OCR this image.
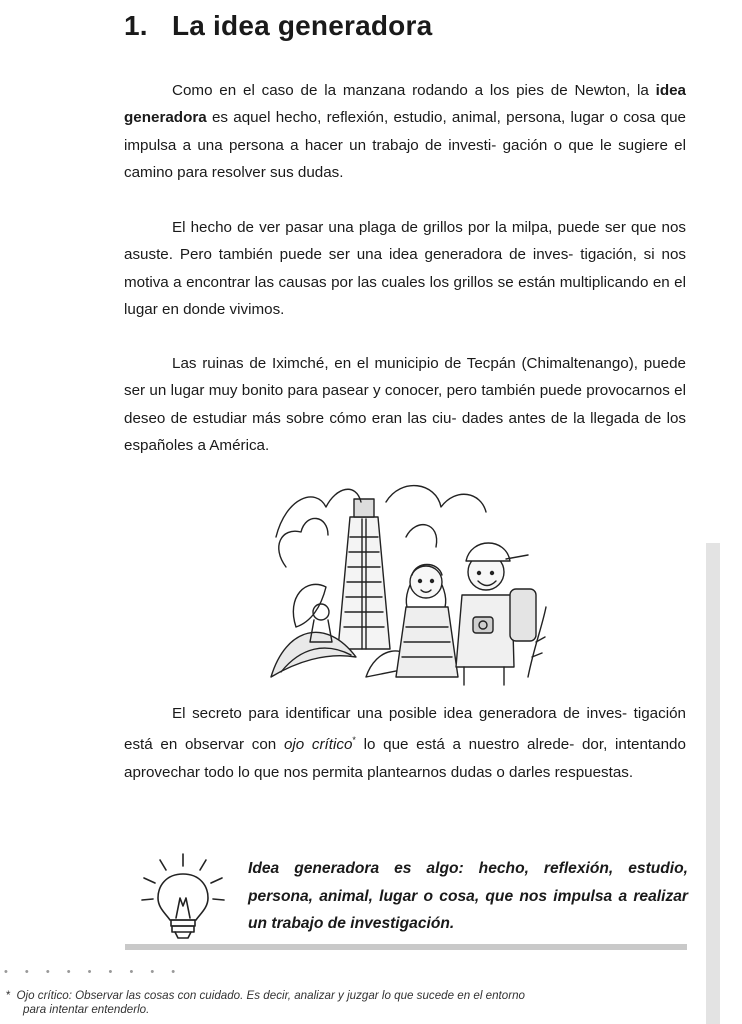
1. La idea generadora

Como en el caso de la manzana rodando a los pies de Newton, la idea generadora es aquel hecho, reflexión, estudio, animal, persona, lugar o cosa que impulsa a una persona a hacer un trabajo de investi- gación o que le sugiere el camino para resolver sus dudas.

El hecho de ver pasar una plaga de grillos por la milpa, puede ser que nos asuste. Pero también puede ser una idea generadora de inves- tigación, si nos motiva a encontrar las causas por las cuales los grillos se están multiplicando en el lugar en donde vivimos.

Las ruinas de Iximché, en el municipio de Tecpán (Chimaltenango), puede ser un lugar muy bonito para pasear y conocer, pero también puede provocarnos el deseo de estudiar más sobre cómo eran las ciu- dades antes de la llegada de los españoles a América.

El secreto para identificar una posible idea generadora de inves- tigación está en observar con ojo crítico* lo que está a nuestro alrede- dor, intentando aprovechar todo lo que nos permita plantearnos dudas o darles respuestas.

Idea generadora es algo: hecho, reflexión, estudio, persona, animal, lugar o cosa, que nos impulsa a realizar un trabajo de investigación.

• • • • • • • • •

* Ojo crítico: Observar las cosas con cuidado. Es decir, analizar y juzgar lo que sucede en el entorno
para intentar entenderlo.
